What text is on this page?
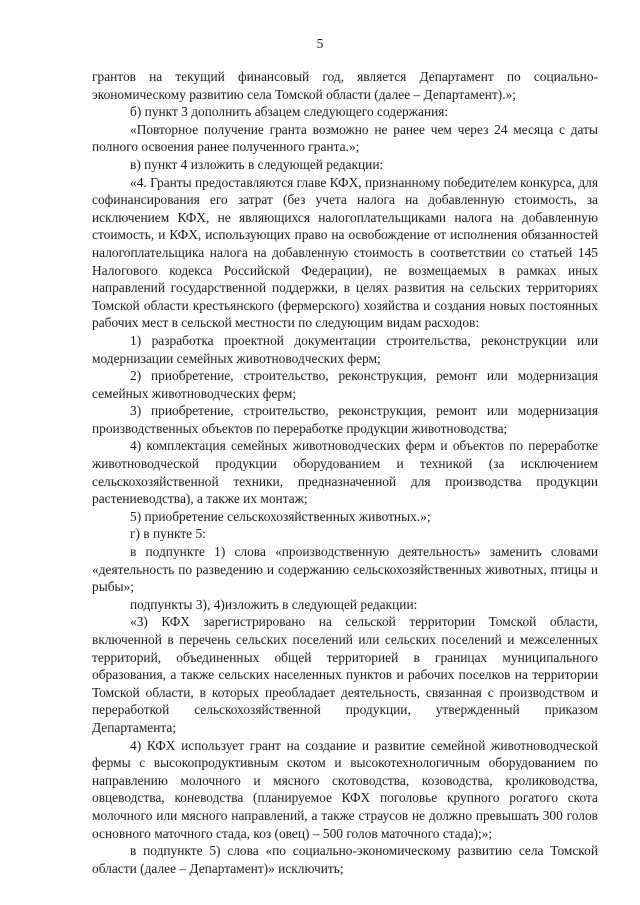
5

грантов на текущий финансовый год, является Департамент по социально-экономическому развитию села Томской области (далее – Департамент).»;

б) пункт 3 дополнить абзацем следующего содержания:

«Повторное получение гранта возможно не ранее чем через 24 месяца с даты полного освоения ранее полученного гранта.»;

в) пункт 4 изложить в следующей редакции:

«4. Гранты предоставляются главе КФХ, признанному победителем конкурса, для софинансирования его затрат (без учета налога на добавленную стоимость, за исключением КФХ, не являющихся налогоплательщиками налога на добавленную стоимость, и КФХ, использующих право на освобождение от исполнения обязанностей налогоплательщика налога на добавленную стоимость в соответствии со статьей 145 Налогового кодекса Российской Федерации), не возмещаемых в рамках иных направлений государственной поддержки, в целях развития на сельских территориях Томской области крестьянского (фермерского) хозяйства и создания новых постоянных рабочих мест в сельской местности по следующим видам расходов:

1) разработка проектной документации строительства, реконструкции или модернизации семейных животноводческих ферм;

2) приобретение, строительство, реконструкция, ремонт или модернизация семейных животноводческих ферм;

3) приобретение, строительство, реконструкция, ремонт или модернизация производственных объектов по переработке продукции животноводства;

4) комплектация семейных животноводческих ферм и объектов по переработке животноводческой продукции оборудованием и техникой (за исключением сельскохозяйственной техники, предназначенной для производства продукции растениеводства), а также их монтаж;

5) приобретение сельскохозяйственных животных.»;

г) в пункте 5:

в подпункте 1) слова «производственную деятельность» заменить словами «деятельность по разведению и содержанию сельскохозяйственных животных, птицы и рыбы»;

подпункты 3), 4)изложить в следующей редакции:

«3) КФХ зарегистрировано на сельской территории Томской области, включенной в перечень сельских поселений или сельских поселений и межселенных территорий, объединенных общей территорией в границах муниципального образования, а также сельских населенных пунктов и рабочих поселков на территории Томской области, в которых преобладает деятельность, связанная с производством и переработкой сельскохозяйственной продукции, утвержденный приказом Департамента;

4) КФХ использует грант на создание и развитие семейной животноводческой фермы с высокопродуктивным скотом и высокотехнологичным оборудованием по направлению молочного и мясного скотоводства, козоводства, кролиководства, овцеводства, коневодства (планируемое КФХ поголовье крупного рогатого скота молочного или мясного направлений, а также страусов не должно превышать 300 голов основного маточного стада, коз (овец) – 500 голов маточного стада);»;

в подпункте 5) слова «по социально-экономическому развитию села Томской области (далее – Департамент)» исключить;
